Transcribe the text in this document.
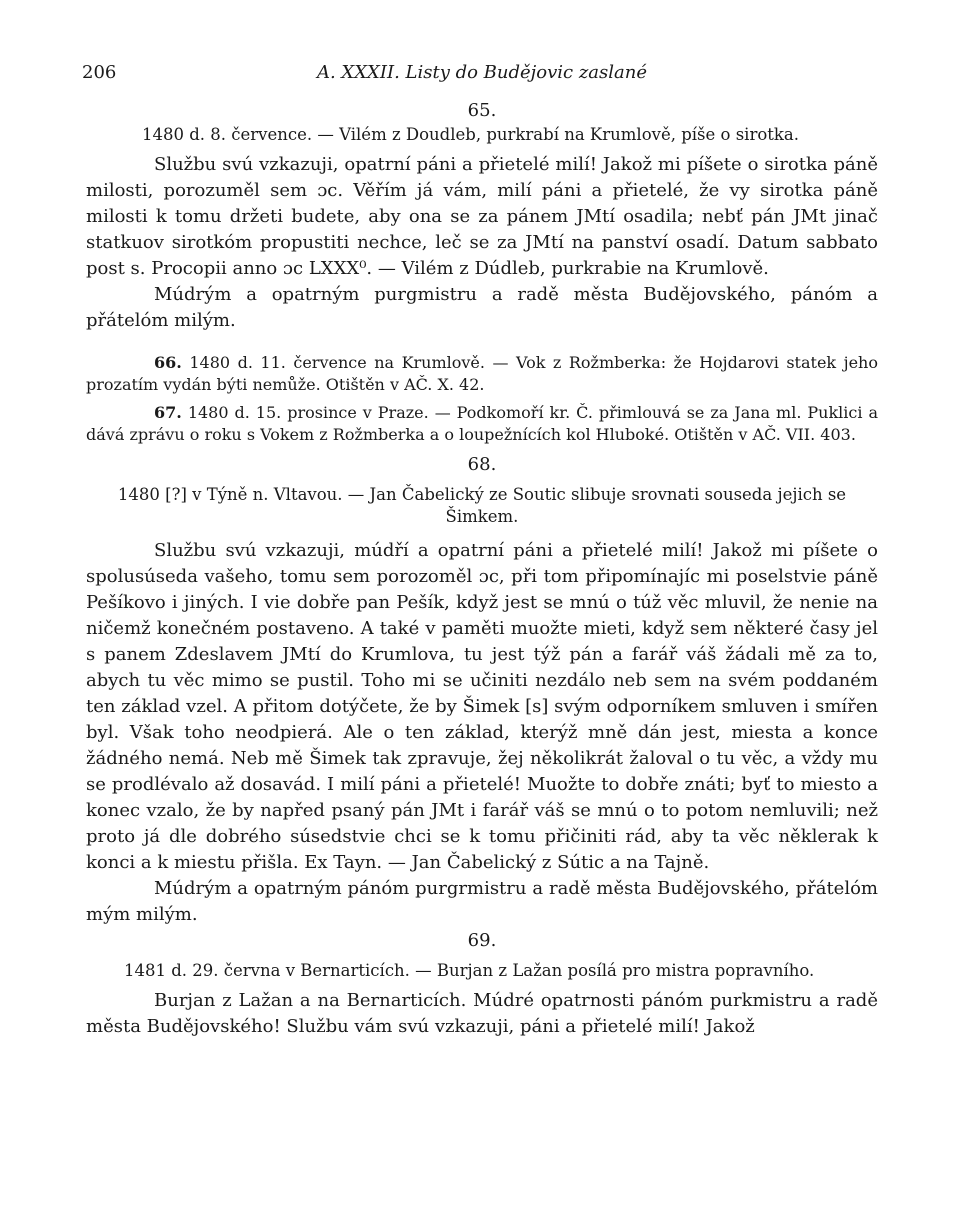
206	A. XXXII. Listy do Budějovic zaslané

65.

1480 d. 8. července. — Vilém z Doudleb, purkrabí na Krumlově, píše o sirotka.

Službu svú vzkazuji, opatrní páni a přietelé milí! Jakož mi píšete o sirotka páně milosti, porozuměl sem ɔc. Věřím já vám, milí páni a přietelé, že vy sirotka páně milosti k tomu držeti budete, aby ona se za pánem JMtí osadila; nebť pán JMt jinač statkuov sirotkóm propustiti nechce, leč se za JMtí na panství osadí. Datum sabbato post s. Procopii anno ɔc LXXX⁰. — Vilém z Dúdleb, purkrabie na Krumlově.

Múdrým a opatrným purgmistru a radě města Budějovského, pánóm a přátelóm milým.

66. 1480 d. 11. července na Krumlově. — Vok z Rožmberka: že Hojdarovi statek jeho prozatím vydán býti nemůže. Otištěn v AČ. X. 42.

67. 1480 d. 15. prosince v Praze. — Podkomoří kr. Č. přimlouvá se za Jana ml. Puklici a dává zprávu o roku s Vokem z Rožmberka a o loupežnících kol Hluboké. Otištěn v AČ. VII. 403.

68.

1480 [?] v Týně n. Vltavou. — Jan Čabelický ze Soutic slibuje srovnati souseda jejich se Šimkem.

Službu svú vzkazuji, múdří a opatrní páni a přietelé milí! Jakož mi píšete o spolusúseda vašeho, tomu sem porozoměl ɔc, při tom připomínajíc mi poselstvie páně Pešíkovo i jiných. I vie dobře pan Pešík, když jest se mnú o túž věc mluvil, že nenie na ničemž konečném postaveno. A také v paměti muožte mieti, když sem některé časy jel s panem Zdeslavem JMtí do Krumlova, tu jest týž pán a farář váš žádali mě za to, abych tu věc mimo se pustil. Toho mi se učiniti nezdálo neb sem na svém poddaném ten základ vzel. A přitom dotýčete, že by Šimek [s] svým odporníkem smluven i smířen byl. Však toho neodpierá. Ale o ten základ, kterýž mně dán jest, miesta a konce žádného nemá. Neb mě Šimek tak zpravuje, žej několikrát žaloval o tu věc, a vždy mu se prodlévalo až dosavád. I milí páni a přietelé! Muožte to dobře znáti; byť to miesto a konec vzalo, že by napřed psaný pán JMt i farář váš se mnú o to potom nemluvili; než proto já dle dobrého súsedstvie chci se k tomu přičiniti rád, aby ta věc něklerak k konci a k miestu přišla. Ex Tayn. — Jan Čabelický z Sútic a na Tajně.

Múdrým a opatrným pánóm purgrmistru a radě města Budějovského, přátelóm mým milým.

69.

1481 d. 29. června v Bernarticích. — Burjan z Lažan posílá pro mistra popravního.

Burjan z Lažan a na Bernarticích. Múdré opatrnosti pánóm purkmistru a radě města Budějovského! Službu vám svú vzkazuji, páni a přietelé milí! Jakož
